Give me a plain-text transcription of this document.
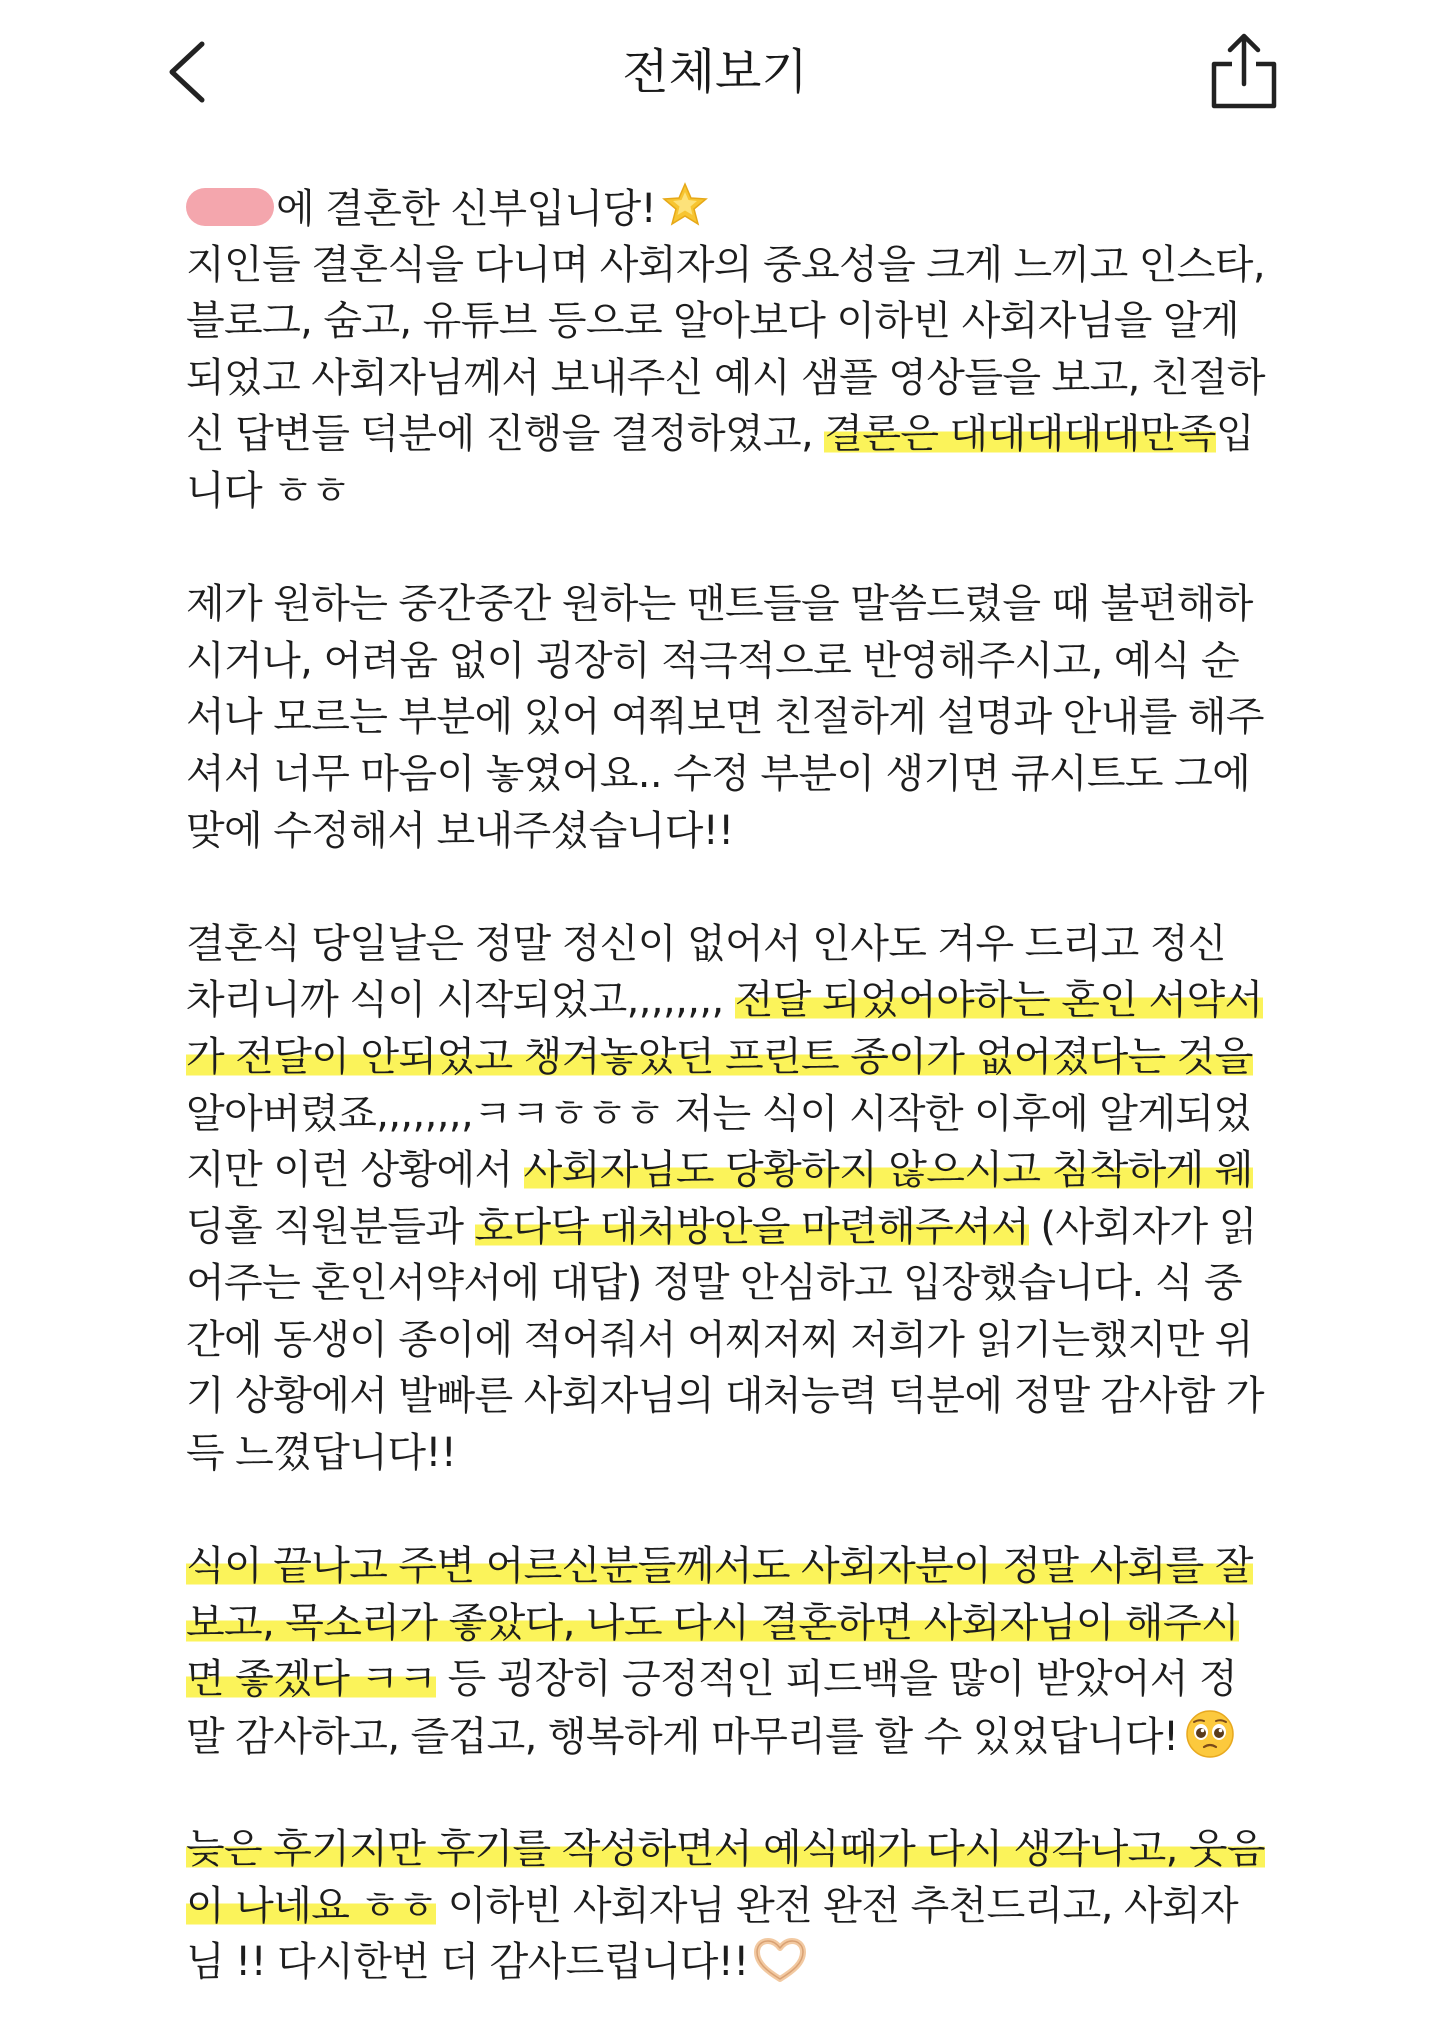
전체보기
에 결혼한 신부입니당!
지인들 결혼식을 다니며 사회자의 중요성을 크게 느끼고 인스타,
블로그, 숨고, 유튜브 등으로 알아보다 이하빈 사회자님을 알게
되었고 사회자님께서 보내주신 예시 샘플 영상들을 보고, 친절하
신 답변들 덕분에 진행을 결정하였고, 결론은 대대대대대만족입
니다 ㅎㅎ
제가 원하는 중간중간 원하는 맨트들을 말씀드렸을 때 불편해하
시거나, 어려움 없이 굉장히 적극적으로 반영해주시고, 예식 순
서나 모르는 부분에 있어 여쭤보면 친절하게 설명과 안내를 해주
셔서 너무 마음이 놓였어요.. 수정 부분이 생기면 큐시트도 그에
맞에 수정해서 보내주셨습니다!!
결혼식 당일날은 정말 정신이 없어서 인사도 겨우 드리고 정신
차리니까 식이 시작되었고,,,,,,,, 전달 되었어야하는 혼인 서약서
가 전달이 안되었고 챙겨놓았던 프린트 종이가 없어졌다는 것을
알아버렸죠,,,,,,,,ㅋㅋㅎㅎㅎ 저는 식이 시작한 이후에 알게되었
지만 이런 상황에서 사회자님도 당황하지 않으시고 침착하게 웨
딩홀 직원분들과 호다닥 대처방안을 마련해주셔서 (사회자가 읽
어주는 혼인서약서에 대답) 정말 안심하고 입장했습니다. 식 중
간에 동생이 종이에 적어줘서 어찌저찌 저희가 읽기는했지만 위
기 상황에서 발빠른 사회자님의 대처능력 덕분에 정말 감사함 가
득 느꼈답니다!!
식이 끝나고 주변 어르신분들께서도 사회자분이 정말 사회를 잘
보고, 목소리가 좋았다, 나도 다시 결혼하면 사회자님이 해주시
면 좋겠다 ㅋㅋ 등 굉장히 긍정적인 피드백을 많이 받았어서 정
말 감사하고, 즐겁고, 행복하게 마무리를 할 수 있었답니다!
늦은 후기지만 후기를 작성하면서 예식때가 다시 생각나고, 웃음
이 나네요 ㅎㅎ 이하빈 사회자님 완전 완전 추천드리고, 사회자
님 !! 다시한번 더 감사드립니다!!
